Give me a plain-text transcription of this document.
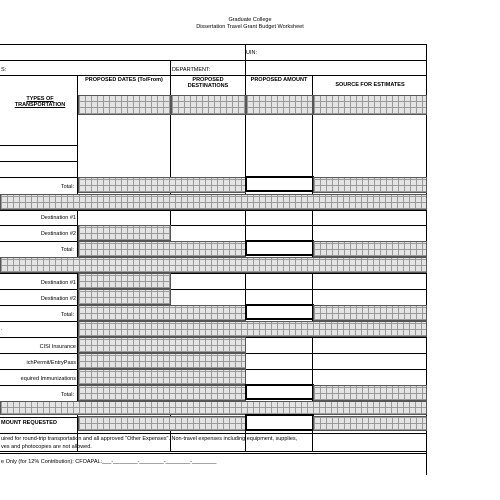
Graduate College
Dissertation Travel Grant Budget Worksheet
UIN:
S:	DEPARTMENT:
PROPOSED DATES (To/From)	PROPOSED DESTINATIONS
PROPOSED AMOUNT
SOURCE FOR ESTIMATES
TYPES OF TRANSPORTATION
Total:
Destination #1
Destination #2
Total:
Destination #1
Destination #2
Total:
.
CISI Insurance
ichPermit/EntryPass
equired Immunizations
Total:
MOUNT REQUESTED
uired for round-trip transportation and all approved "Other Expenses". Non-travel expenses including equipment, supplies,
ves and photocopies are not allowed.
e Only (for 12% Contribution): CFOAPAL:___-________-________-________-________
